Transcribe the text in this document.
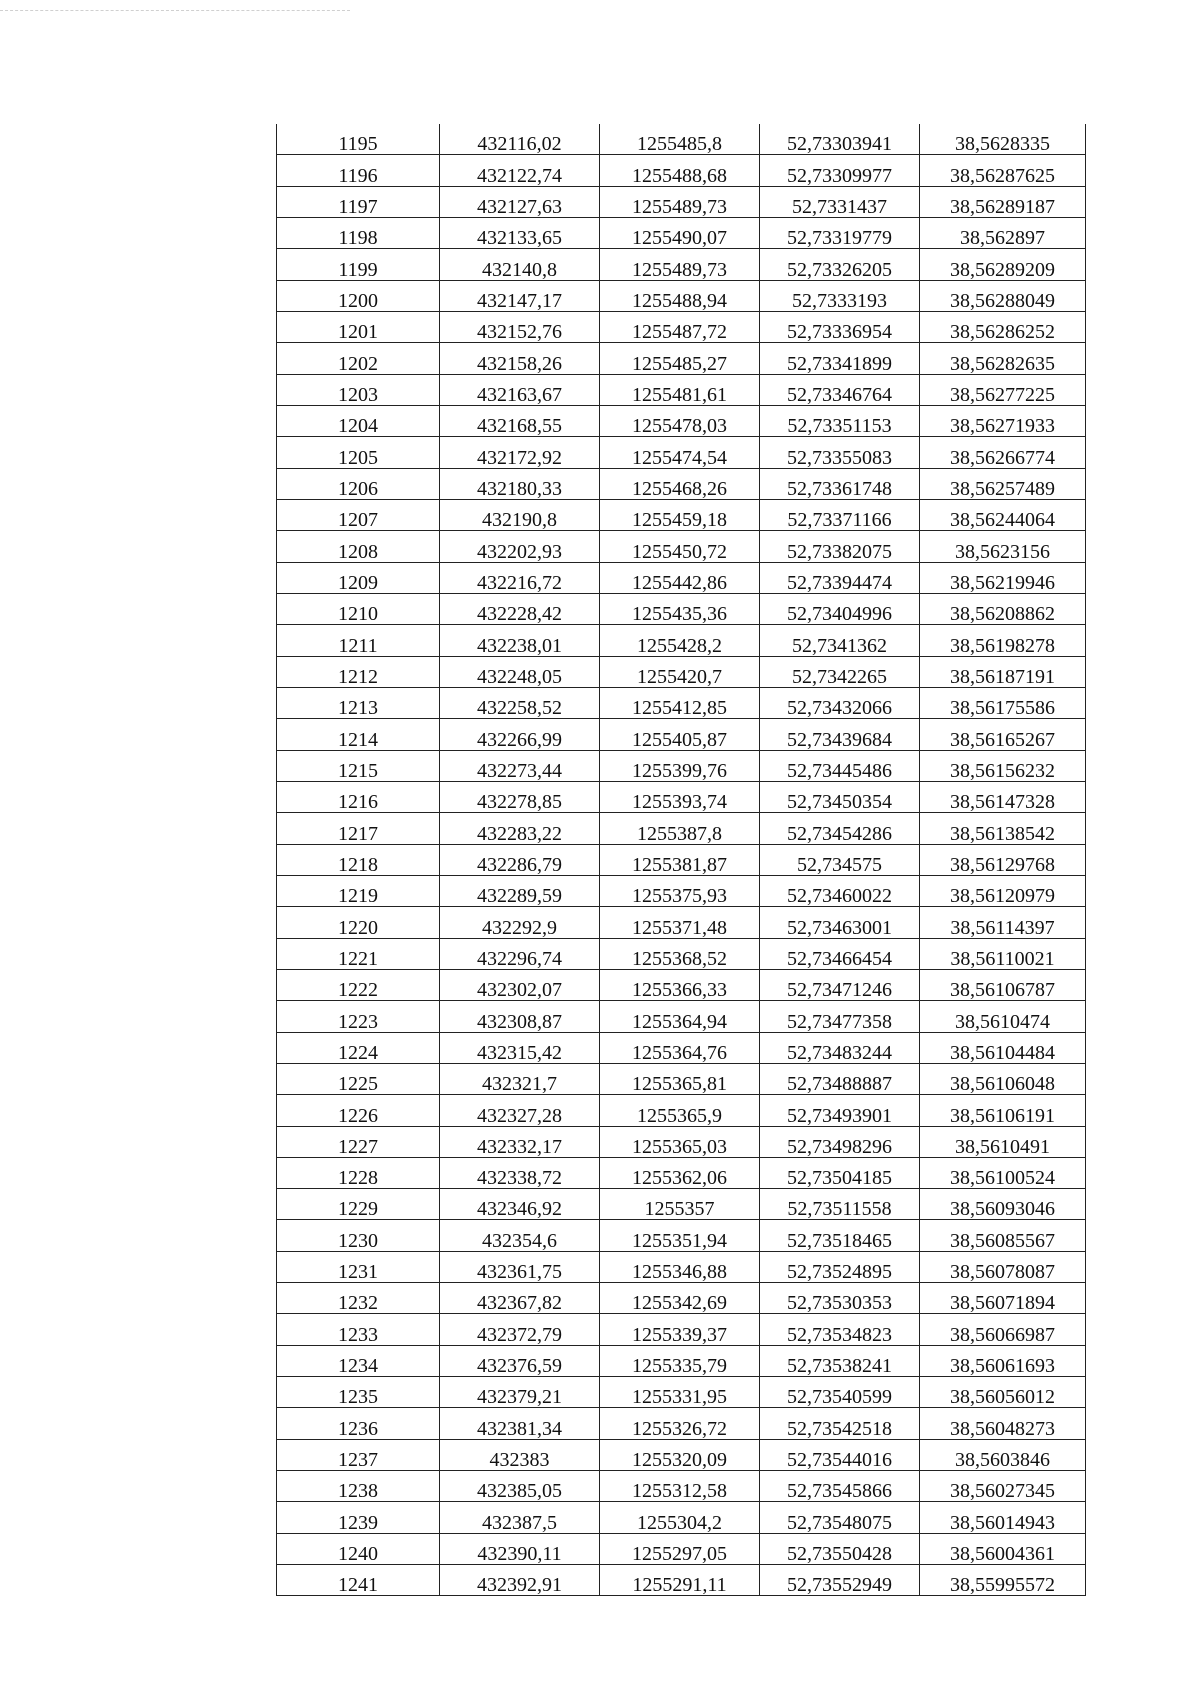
1195	432116,02	1255485,8	52,73303941	38,5628335
1196	432122,74	1255488,68	52,73309977	38,56287625
1197	432127,63	1255489,73	52,7331437	38,56289187
1198	432133,65	1255490,07	52,73319779	38,562897
1199	432140,8	1255489,73	52,73326205	38,56289209
1200	432147,17	1255488,94	52,7333193	38,56288049
1201	432152,76	1255487,72	52,73336954	38,56286252
1202	432158,26	1255485,27	52,73341899	38,56282635
1203	432163,67	1255481,61	52,73346764	38,56277225
1204	432168,55	1255478,03	52,73351153	38,56271933
1205	432172,92	1255474,54	52,73355083	38,56266774
1206	432180,33	1255468,26	52,73361748	38,56257489
1207	432190,8	1255459,18	52,73371166	38,56244064
1208	432202,93	1255450,72	52,73382075	38,5623156
1209	432216,72	1255442,86	52,73394474	38,56219946
1210	432228,42	1255435,36	52,73404996	38,56208862
1211	432238,01	1255428,2	52,7341362	38,56198278
1212	432248,05	1255420,7	52,7342265	38,56187191
1213	432258,52	1255412,85	52,73432066	38,56175586
1214	432266,99	1255405,87	52,73439684	38,56165267
1215	432273,44	1255399,76	52,73445486	38,56156232
1216	432278,85	1255393,74	52,73450354	38,56147328
1217	432283,22	1255387,8	52,73454286	38,56138542
1218	432286,79	1255381,87	52,734575	38,56129768
1219	432289,59	1255375,93	52,73460022	38,56120979
1220	432292,9	1255371,48	52,73463001	38,56114397
1221	432296,74	1255368,52	52,73466454	38,56110021
1222	432302,07	1255366,33	52,73471246	38,56106787
1223	432308,87	1255364,94	52,73477358	38,5610474
1224	432315,42	1255364,76	52,73483244	38,56104484
1225	432321,7	1255365,81	52,73488887	38,56106048
1226	432327,28	1255365,9	52,73493901	38,56106191
1227	432332,17	1255365,03	52,73498296	38,5610491
1228	432338,72	1255362,06	52,73504185	38,56100524
1229	432346,92	1255357	52,73511558	38,56093046
1230	432354,6	1255351,94	52,73518465	38,56085567
1231	432361,75	1255346,88	52,73524895	38,56078087
1232	432367,82	1255342,69	52,73530353	38,56071894
1233	432372,79	1255339,37	52,73534823	38,56066987
1234	432376,59	1255335,79	52,73538241	38,56061693
1235	432379,21	1255331,95	52,73540599	38,56056012
1236	432381,34	1255326,72	52,73542518	38,56048273
1237	432383	1255320,09	52,73544016	38,5603846
1238	432385,05	1255312,58	52,73545866	38,56027345
1239	432387,5	1255304,2	52,73548075	38,56014943
1240	432390,11	1255297,05	52,73550428	38,56004361
1241	432392,91	1255291,11	52,73552949	38,55995572
